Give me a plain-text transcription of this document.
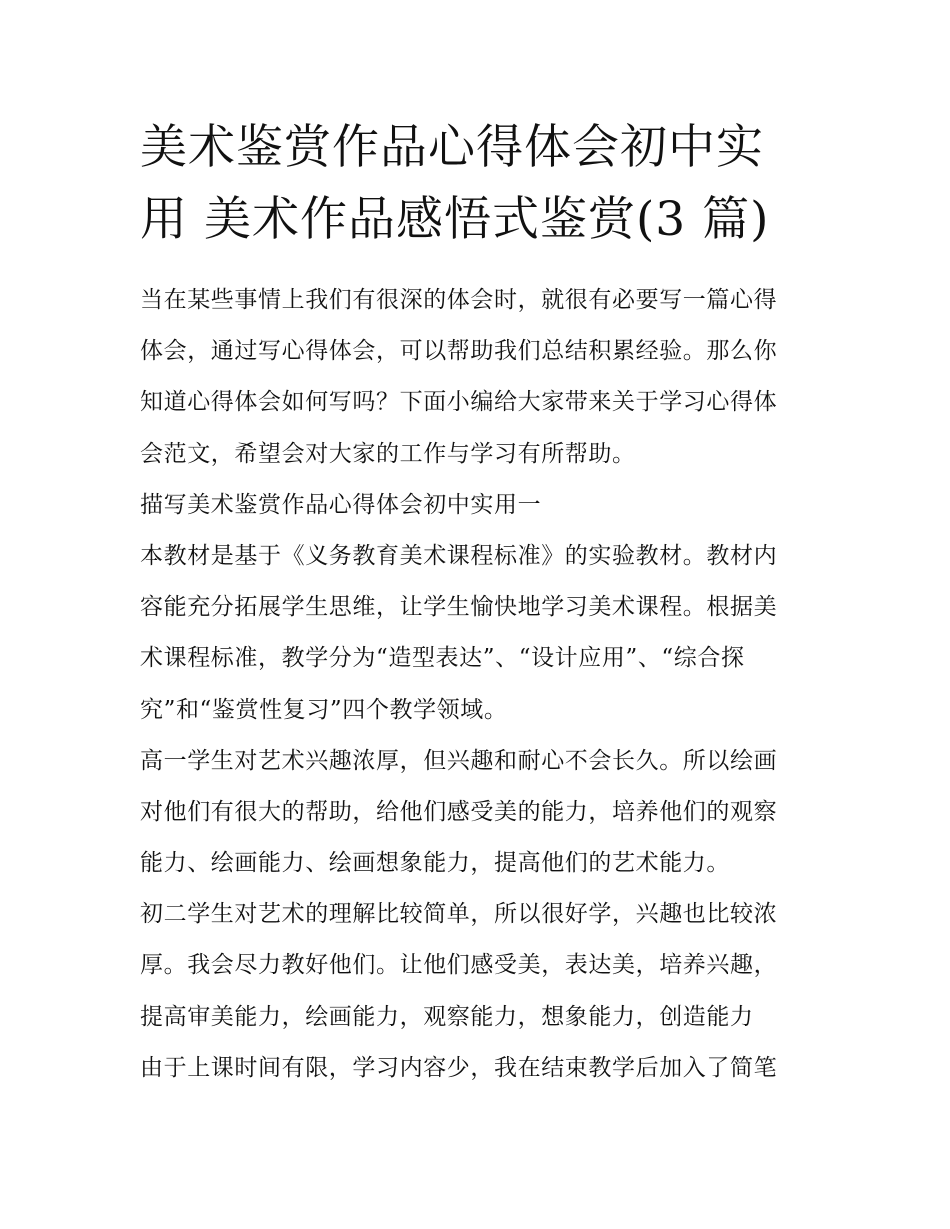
美术鉴赏作品心得体会初中实
用 美术作品感悟式鉴赏(3 篇)
当在某些事情上我们有很深的体会时，就很有必要写一篇心得
体会，通过写心得体会，可以帮助我们总结积累经验。那么你
知道心得体会如何写吗？下面小编给大家带来关于学习心得体
会范文，希望会对大家的工作与学习有所帮助。
描写美术鉴赏作品心得体会初中实用一
本教材是基于《义务教育美术课程标准》的实验教材。教材内
容能充分拓展学生思维，让学生愉快地学习美术课程。根据美
术课程标准，教学分为“造型表达”、“设计应用”、“综合探
究”和“鉴赏性复习”四个教学领域。
高一学生对艺术兴趣浓厚，但兴趣和耐心不会长久。所以绘画
对他们有很大的帮助，给他们感受美的能力，培养他们的观察
能力、绘画能力、绘画想象能力，提高他们的艺术能力。
初二学生对艺术的理解比较简单，所以很好学，兴趣也比较浓
厚。我会尽力教好他们。让他们感受美，表达美，培养兴趣，
提高审美能力，绘画能力，观察能力，想象能力，创造能力
由于上课时间有限，学习内容少，我在结束教学后加入了简笔
